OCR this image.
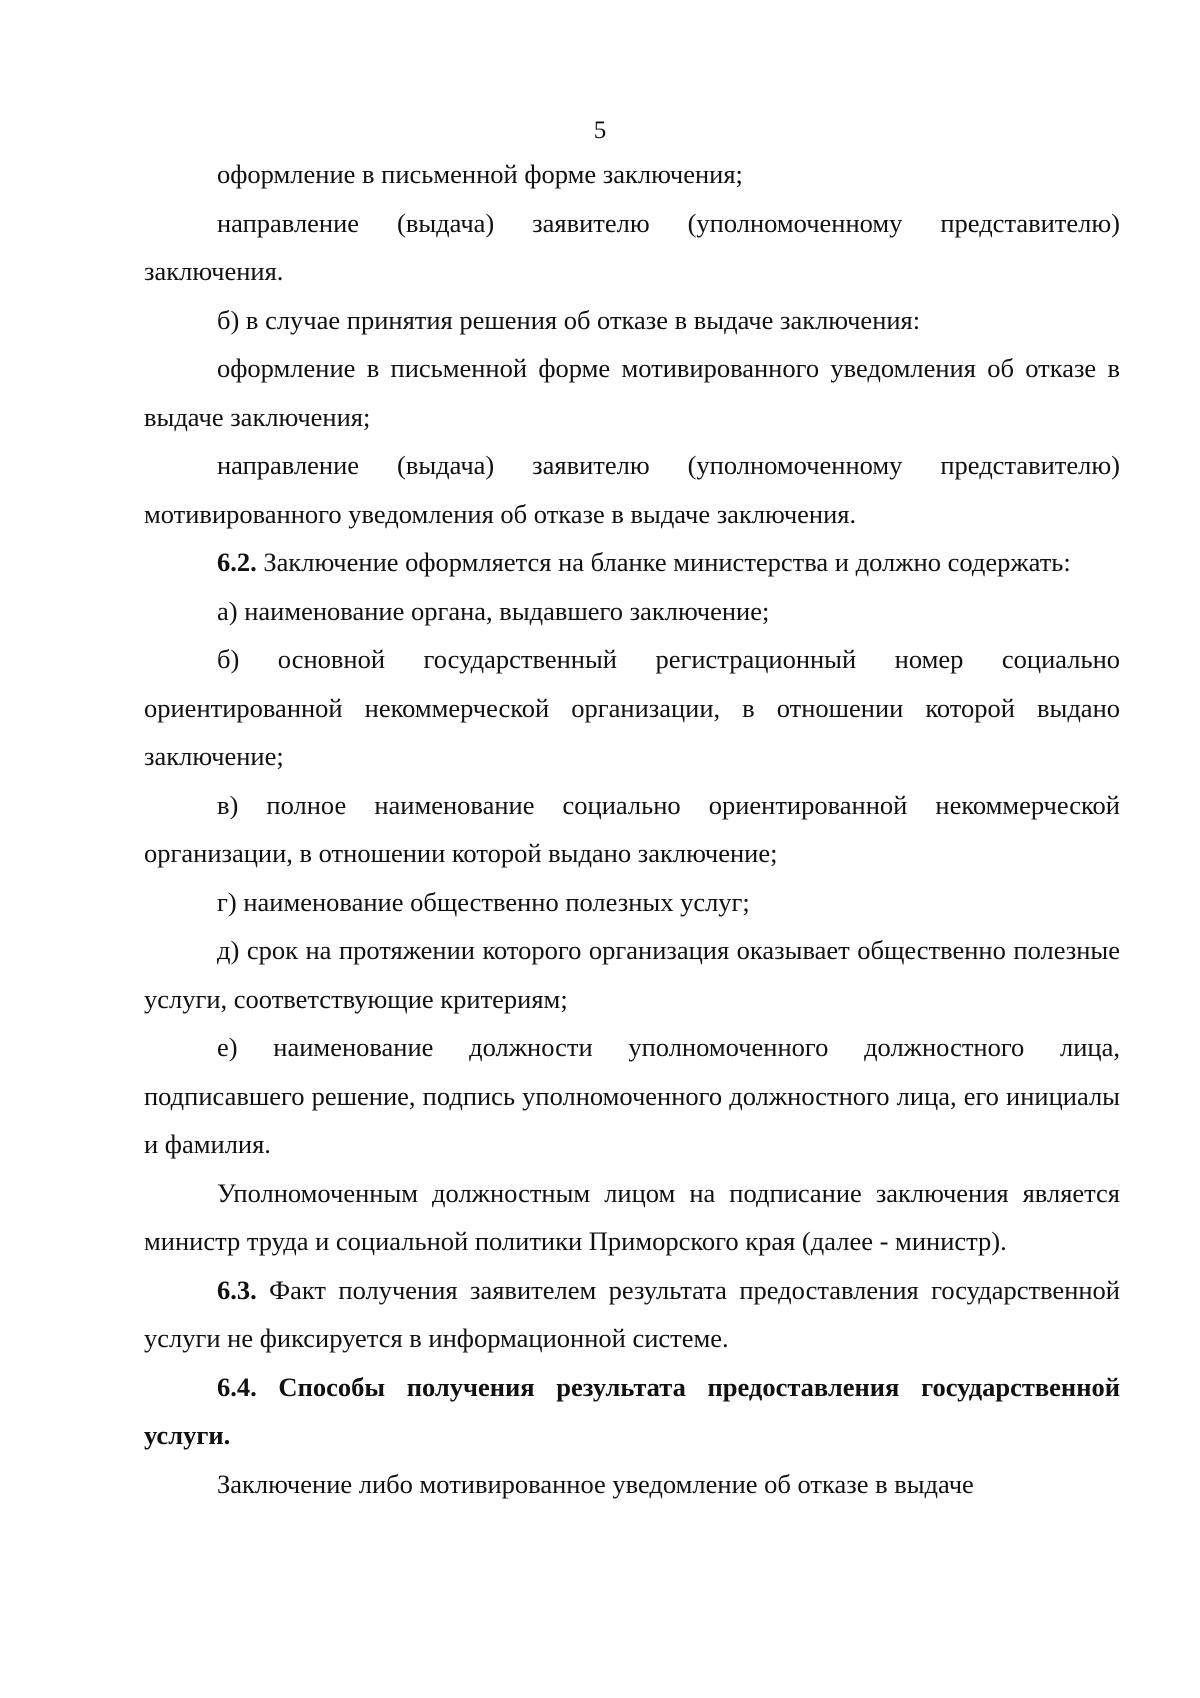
5

оформление в письменной форме заключения;

направление (выдача) заявителю (уполномоченному представителю) заключения.

б) в случае принятия решения об отказе в выдаче заключения:

оформление в письменной форме мотивированного уведомления об отказе в выдаче заключения;

направление (выдача) заявителю (уполномоченному представителю) мотивированного уведомления об отказе в выдаче заключения.

6.2. Заключение оформляется на бланке министерства и должно содержать:

а) наименование органа, выдавшего заключение;

б) основной государственный регистрационный номер социально ориентированной некоммерческой организации, в отношении которой выдано заключение;

в) полное наименование социально ориентированной некоммерческой организации, в отношении которой выдано заключение;

г) наименование общественно полезных услуг;

д) срок на протяжении которого организация оказывает общественно полезные услуги, соответствующие критериям;

е) наименование должности уполномоченного должностного лица, подписавшего решение, подпись уполномоченного должностного лица, его инициалы и фамилия.

Уполномоченным должностным лицом на подписание заключения является министр труда и социальной политики Приморского края (далее - министр).

6.3. Факт получения заявителем результата предоставления государственной услуги не фиксируется в информационной системе.

6.4. Способы получения результата предоставления государственной услуги.

Заключение либо мотивированное уведомление об отказе в выдаче
